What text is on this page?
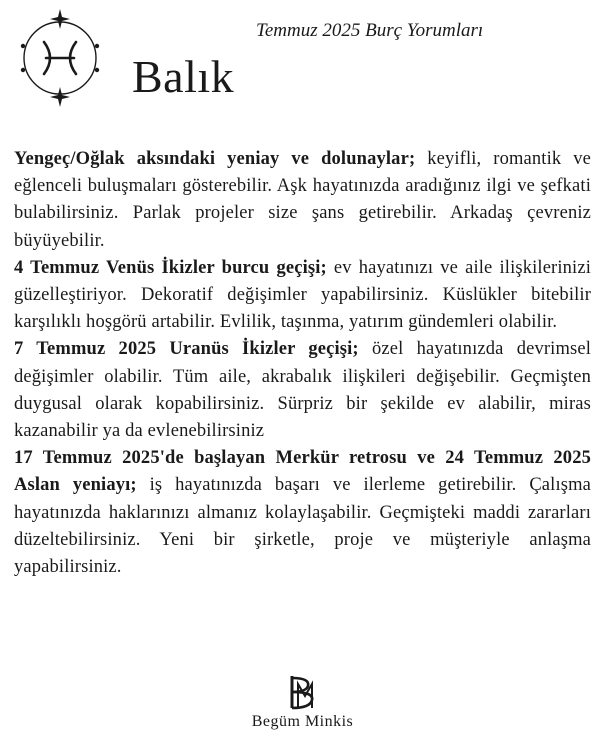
Temmuz 2025 Burç Yorumları
Balık

Yengeç/Oğlak aksındaki yeniay ve dolunaylar; keyifli, romantik ve eğlenceli buluşmaları gösterebilir. Aşk hayatınızda aradığınız ilgi ve şefkati bulabilirsiniz. Parlak projeler size şans getirebilir. Arkadaş çevreniz büyüyebilir.

4 Temmuz Venüs İkizler burcu geçişi; ev hayatınızı ve aile ilişkilerinizi güzelleştiriyor. Dekoratif değişimler yapabilirsiniz. Küslükler bitebilir karşılıklı hoşgörü artabilir. Evlilik, taşınma, yatırım gündemleri olabilir.

7 Temmuz 2025 Uranüs İkizler geçişi; özel hayatınızda devrimsel değişimler olabilir. Tüm aile, akrabalık ilişkileri değişebilir. Geçmişten duygusal olarak kopabilirsiniz. Sürpriz bir şekilde ev alabilir, miras kazanabilir ya da evlenebilirsiniz

17 Temmuz 2025'de başlayan Merkür retrosu ve 24 Temmuz 2025 Aslan yeniayı; iş hayatınızda başarı ve ilerleme getirebilir. Çalışma hayatınızda haklarınızı almanız kolaylaşabilir. Geçmişteki maddi zararları düzeltebilirsiniz. Yeni bir şirketle, proje ve müşteriyle anlaşma yapabilirsiniz.

Begüm Minkis
